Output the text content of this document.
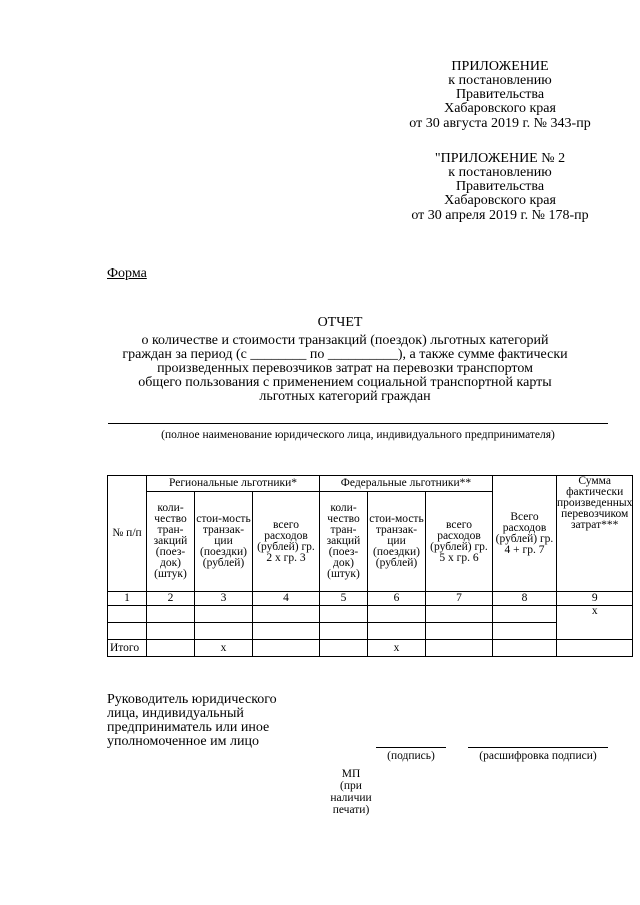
ПРИЛОЖЕНИЕ
к постановлению
Правительства
Хабаровского края
от 30 августа 2019 г. № 343-пр
"ПРИЛОЖЕНИЕ № 2
к постановлению
Правительства
Хабаровского края
от 30 апреля 2019 г. № 178-пр
Форма
ОТЧЕТ
о количестве и стоимости транзакций (поездок) льготных категорий
граждан за период (с ________ по __________), а также сумме фактически
произведенных перевозчиков затрат на перевозки транспортом
общего пользования с применением социальной транспортной карты
льготных категорий граждан
(полное наименование юридического лица, индивидуального предпринимателя)
№ п/п	Региональные льготники*			Федеральные льготники**			Всего расходов (рублей) гр. 4 + гр. 7	Сумма фактически произведенных перевозчиком затрат***
	коли-чество тран-закций (поез-док) (штук)	стои-мость транзак-ции (поездки) (рублей)	всего расходов (рублей) гр. 2 х гр. 3	коли-чество тран-закций (поез-док) (штук)	стои-мость транзак-ции (поездки) (рублей)	всего расходов (рублей) гр. 5 х гр. 6		
1	2	3	4	5	6	7	8	9
								х

Итого		х			х			
Руководитель юридического
лица, индивидуальный
предприниматель или иное
уполномоченное им лицо
(подпись)	(расшифровка подписи)
МП
(при
наличии
печати)
